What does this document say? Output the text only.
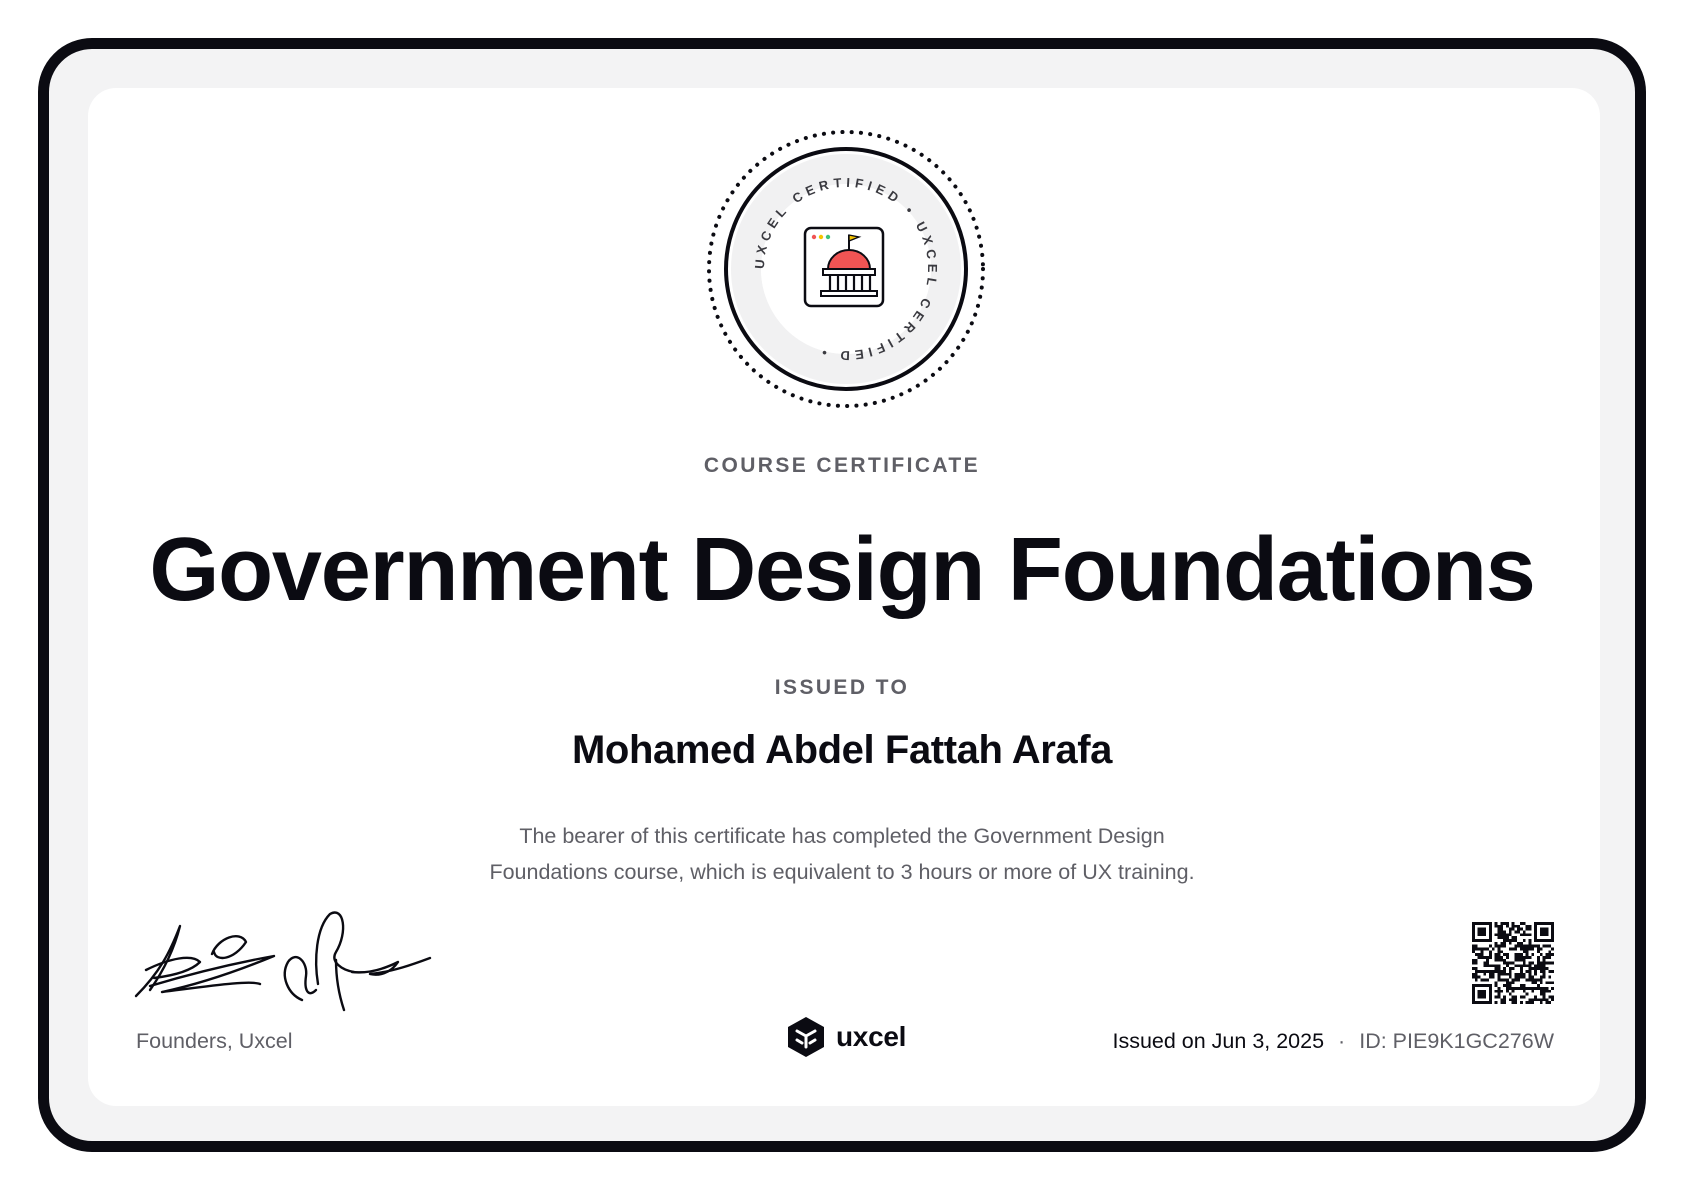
UXCEL CERTIFIED • UXCEL CERTIFIED •

COURSE CERTIFICATE

Government Design Foundations

ISSUED TO

Mohamed Abdel Fattah Arafa
The bearer of this certificate has completed the Government Design
Foundations course, which is equivalent to 3 hours or more of UX training.

Founders, Uxcel	uxcel	Issued on Jun 3, 2025 · ID: PIE9K1GC276W
